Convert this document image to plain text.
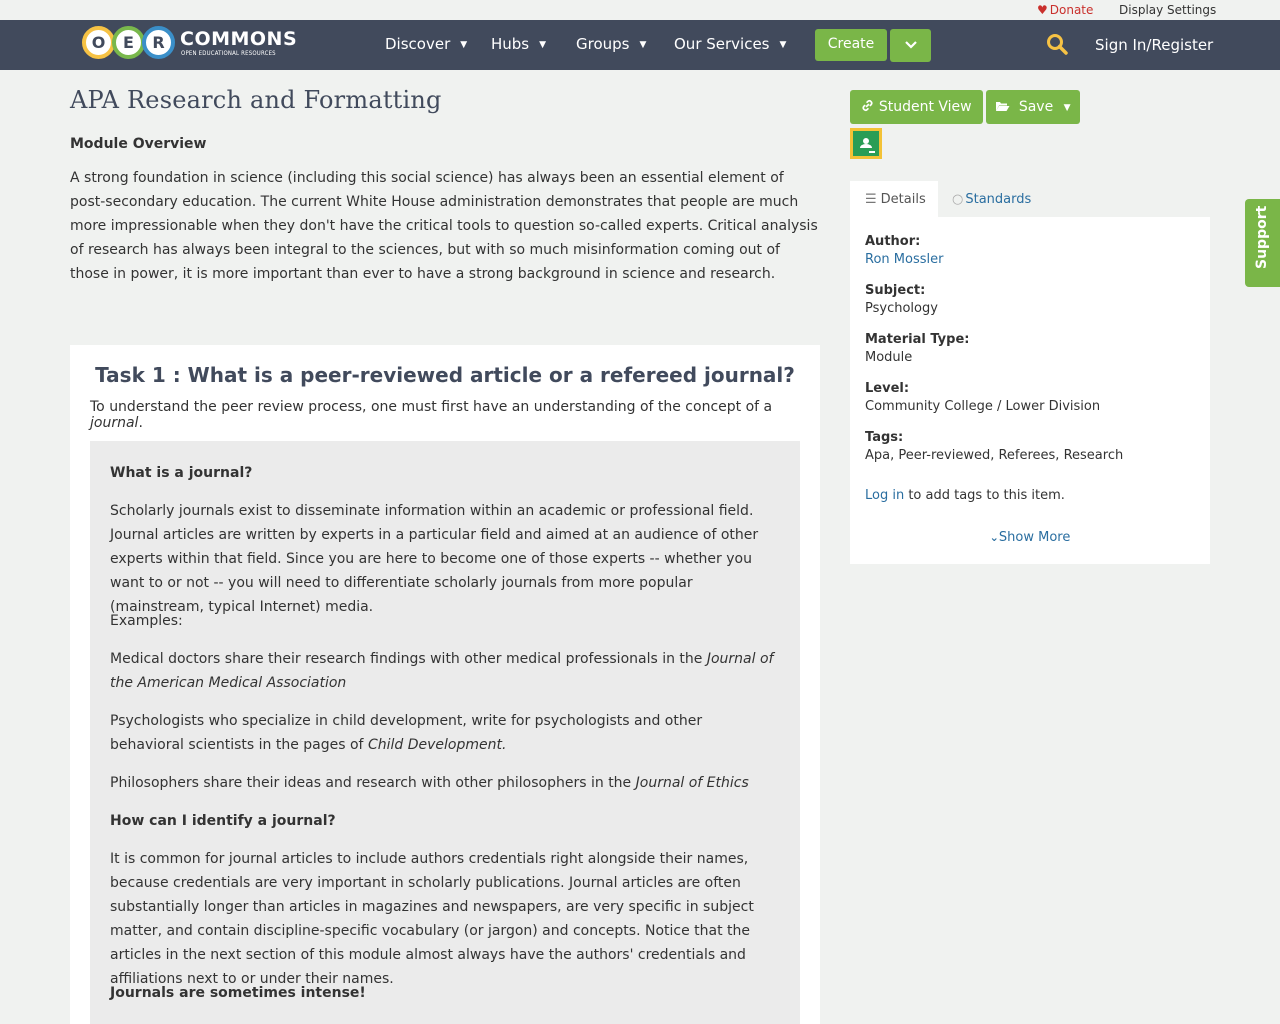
♥ Donate Display Settings
O	E	R COMMONS
OPEN EDUCATIONAL RESOURCES
Discover ▼ Hubs ▼ Groups ▼ Our Services ▼	Create	Sign In/Register
APA Research and Formatting
Module Overview

A strong foundation in science (including this social science) has always been an essential element of post-secondary education. The current White House administration demonstrates that people are much more impressionable when they don't have the critical tools to question so-called experts. Critical analysis of research has always been integral to the sciences, but with so much misinformation coming out of those in power, it is more important than ever to have a strong background in science and research.

Task 1 : What is a peer-reviewed article or a refereed journal?
To understand the peer review process, one must first have an understanding of the concept of a journal.
What is a journal?
Scholarly journals exist to disseminate information within an academic or professional field. Journal articles are written by experts in a particular field and aimed at an audience of other experts within that field. Since you are here to become one of those experts -- whether you want to or not -- you will need to differentiate scholarly journals from more popular (mainstream, typical Internet) media.
Examples:
Medical doctors share their research findings with other medical professionals in the Journal of the American Medical Association
Psychologists who specialize in child development, write for psychologists and other behavioral scientists in the pages of Child Development.
Philosophers share their ideas and research with other philosophers in the Journal of Ethics
How can I identify a journal?
It is common for journal articles to include authors credentials right alongside their names, because credentials are very important in scholarly publications. Journal articles are often substantially longer than articles in magazines and newspapers, are very specific in subject matter, and contain discipline-specific vocabulary (or jargon) and concepts. Notice that the articles in the next section of this module almost always have the authors' credentials and affiliations next to or under their names.
Journals are sometimes intense!
Student View	Save ▼
☰ Details	○ Standards
Author:
Ron Mossler
Subject:
Psychology
Material Type:
Module
Level:
Community College / Lower Division
Tags:
Apa, Peer-reviewed, Referees, Research
Log in to add tags to this item.
⌄Show More
Support
